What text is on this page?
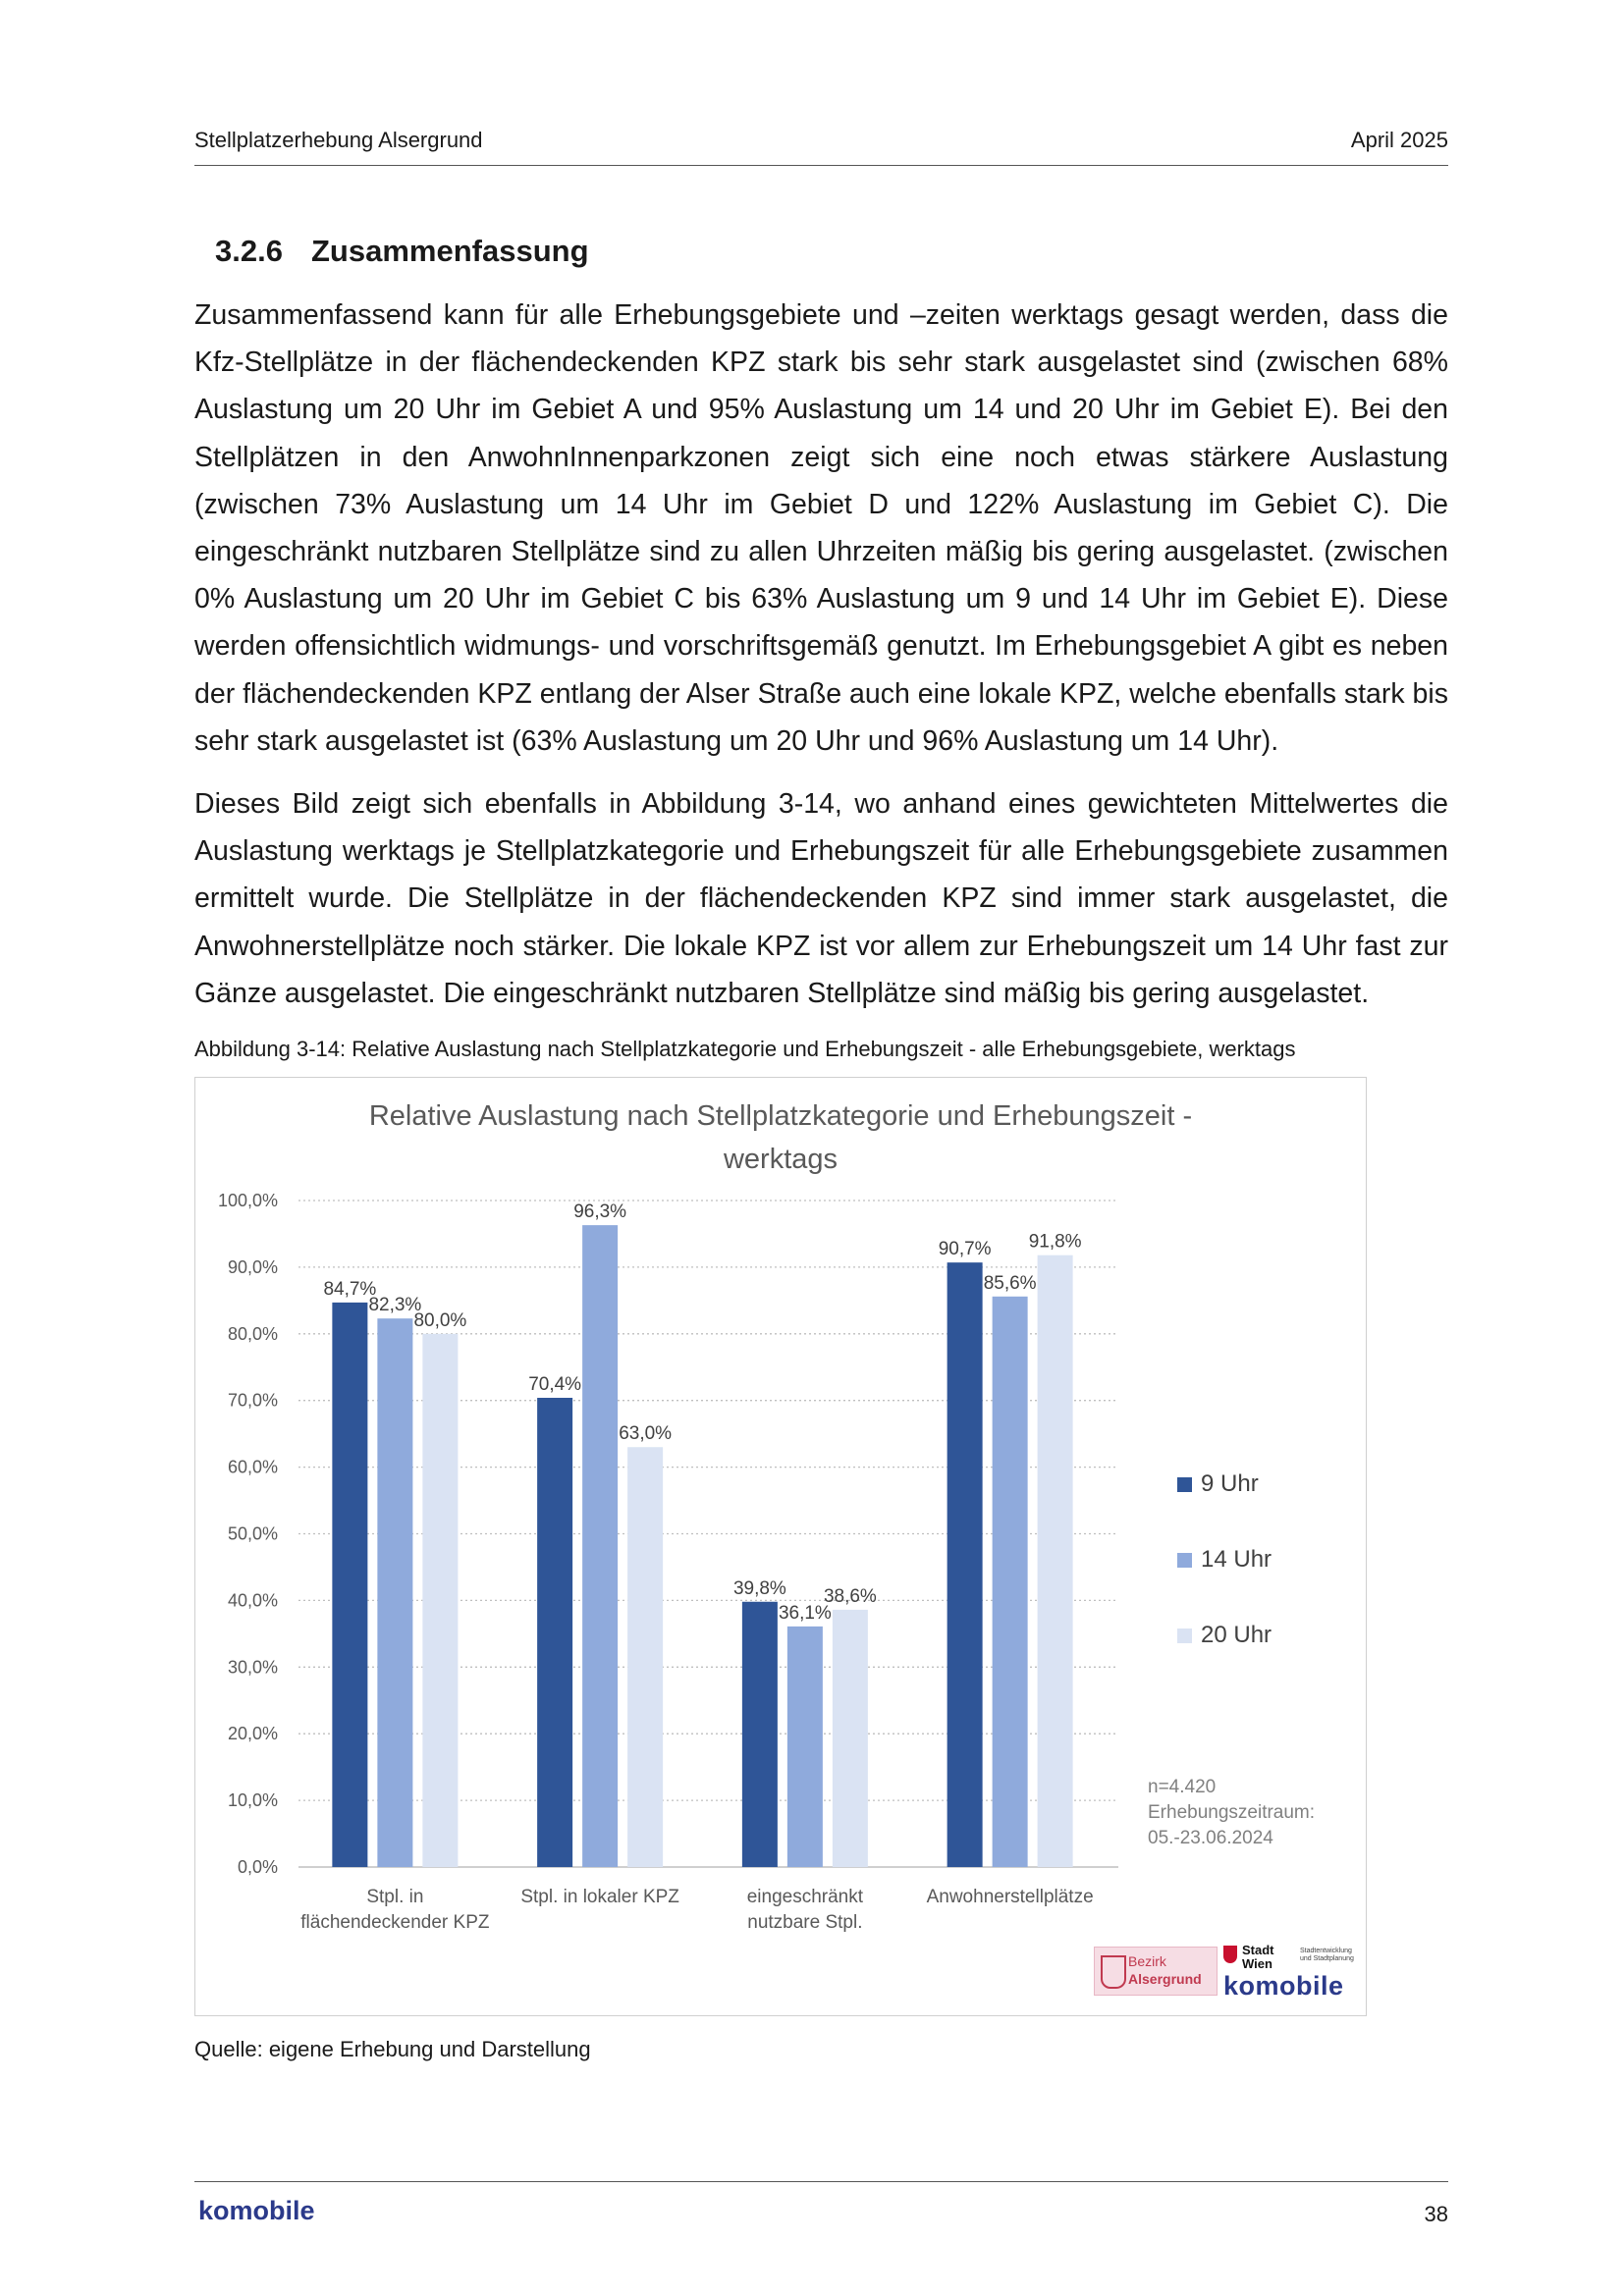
Stellplatzerhebung Alsergrund	April 2025
3.2.6 Zusammenfassung
Zusammenfassend kann für alle Erhebungsgebiete und –zeiten werktags gesagt werden, dass die Kfz-Stellplätze in der flächendeckenden KPZ stark bis sehr stark ausgelastet sind (zwischen 68% Auslastung um 20 Uhr im Gebiet A und 95% Auslastung um 14 und 20 Uhr im Gebiet E). Bei den Stellplätzen in den AnwohnInnenparkzonen zeigt sich eine noch etwas stärkere Auslastung (zwischen 73% Auslastung um 14 Uhr im Gebiet D und 122% Auslastung im Gebiet C). Die eingeschränkt nutzbaren Stellplätze sind zu allen Uhrzeiten mäßig bis gering ausgelastet. (zwischen 0% Auslastung um 20 Uhr im Gebiet C bis 63% Auslastung um 9 und 14 Uhr im Gebiet E). Diese werden offensichtlich widmungs- und vorschriftsgemäß genutzt. Im Erhebungsgebiet A gibt es neben der flächendeckenden KPZ entlang der Alser Straße auch eine lokale KPZ, welche ebenfalls stark bis sehr stark ausgelastet ist (63% Auslastung um 20 Uhr und 96% Auslastung um 14 Uhr).
Dieses Bild zeigt sich ebenfalls in Abbildung 3-14, wo anhand eines gewichteten Mittelwertes die Auslastung werktags je Stellplatzkategorie und Erhebungszeit für alle Erhebungsgebiete zusammen ermittelt wurde. Die Stellplätze in der flächendeckenden KPZ sind immer stark ausgelastet, die Anwohnerstellplätze noch stärker. Die lokale KPZ ist vor allem zur Erhebungszeit um 14 Uhr fast zur Gänze ausgelastet. Die eingeschränkt nutzbaren Stellplätze sind mäßig bis gering ausgelastet.
Abbildung 3-14: Relative Auslastung nach Stellplatzkategorie und Erhebungszeit - alle Erhebungsgebiete, werktags
Relative Auslastung nach Stellplatzkategorie und Erhebungszeit -
werktags
0,0%
10,0%
20,0%
30,0%
40,0%
50,0%
60,0%
70,0%
80,0%
90,0%
100,0%
84,7%
82,3%
80,0%
Stpl. in
flächendeckender KPZ
70,4%
96,3%
63,0%
Stpl. in lokaler KPZ
39,8%
36,1%
38,6%
eingeschränkt
nutzbare Stpl.
90,7%
85,6%
91,8%
Anwohnerstellplätze
9 Uhr
14 Uhr
20 Uhr
n=4.420
Erhebungszeitraum:
05.-23.06.2024
Bezirk
Alsergrund
Stadt
Wien
Stadtentwicklung und Stadtplanung
komobile
Quelle: eigene Erhebung und Darstellung
komobile	38
